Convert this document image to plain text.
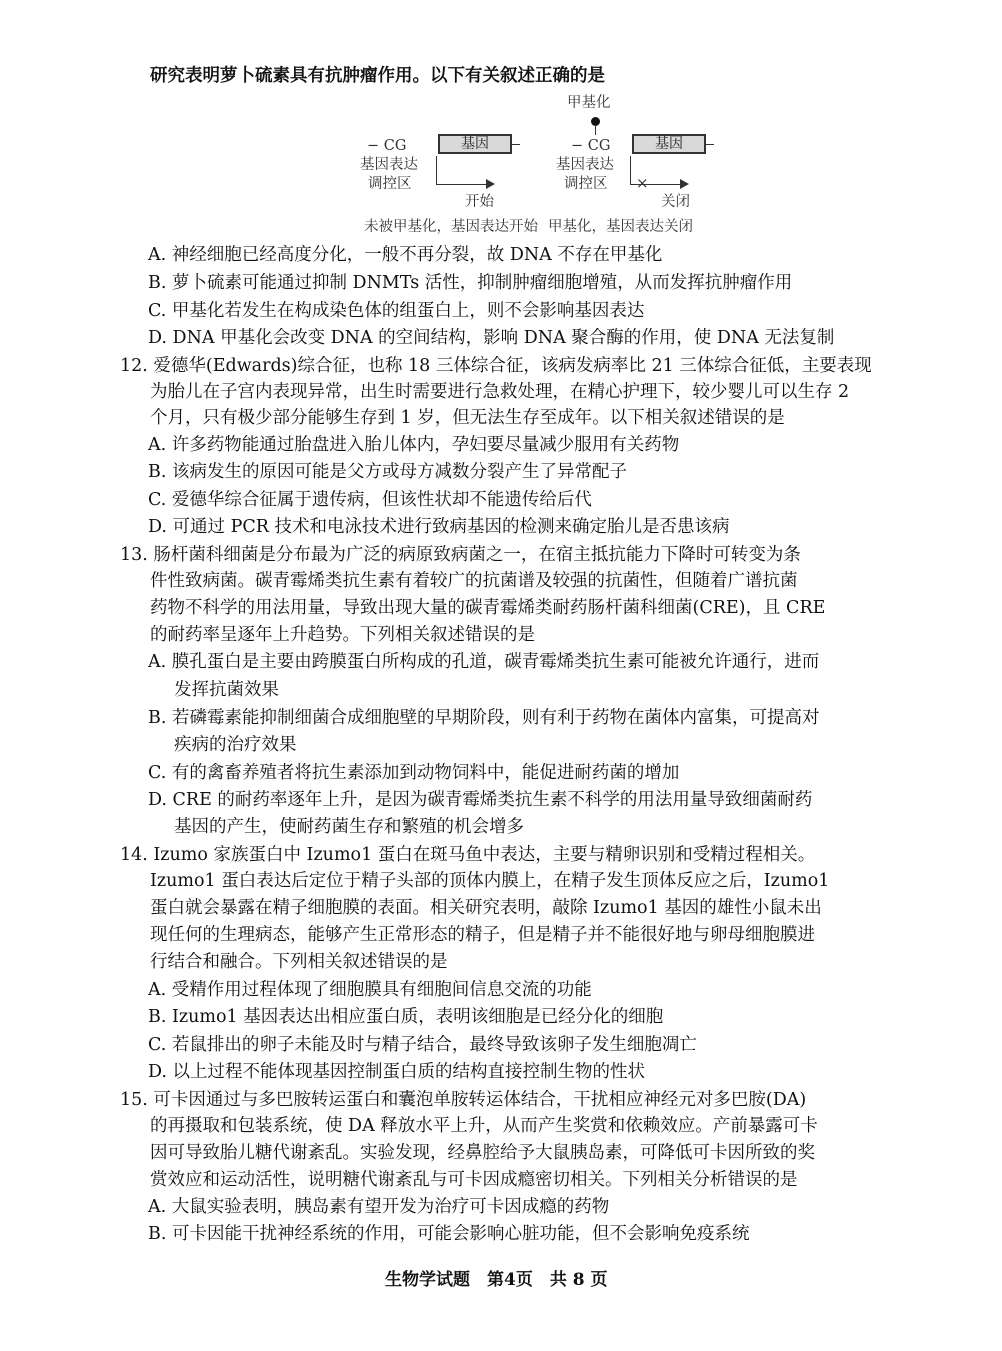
研究表明萝卜硫素具有抗肿瘤作用。以下有关叙述正确的是
− CG	基因
基因表达
调控区
开始
未被甲基化，基因表达开始
甲基化
− CG	基因
基因表达
调控区 ×
关闭
甲基化，基因表达关闭
A. 神经细胞已经高度分化，一般不再分裂，故 DNA 不存在甲基化
B. 萝卜硫素可能通过抑制 DNMTs 活性，抑制肿瘤细胞增殖，从而发挥抗肿瘤作用
C. 甲基化若发生在构成染色体的组蛋白上，则不会影响基因表达
D. DNA 甲基化会改变 DNA 的空间结构，影响 DNA 聚合酶的作用，使 DNA 无法复制
12. 爱德华(Edwards)综合征，也称 18 三体综合征，该病发病率比 21 三体综合征低，主要表现
为胎儿在子宫内表现异常，出生时需要进行急救处理，在精心护理下，较少婴儿可以生存 2
个月，只有极少部分能够生存到 1 岁，但无法生存至成年。以下相关叙述错误的是
A. 许多药物能通过胎盘进入胎儿体内，孕妇要尽量减少服用有关药物
B. 该病发生的原因可能是父方或母方减数分裂产生了异常配子
C. 爱德华综合征属于遗传病，但该性状却不能遗传给后代
D. 可通过 PCR 技术和电泳技术进行致病基因的检测来确定胎儿是否患该病
13. 肠杆菌科细菌是分布最为广泛的病原致病菌之一，在宿主抵抗能力下降时可转变为条
件性致病菌。碳青霉烯类抗生素有着较广的抗菌谱及较强的抗菌性，但随着广谱抗菌
药物不科学的用法用量，导致出现大量的碳青霉烯类耐药肠杆菌科细菌(CRE)，且 CRE
的耐药率呈逐年上升趋势。下列相关叙述错误的是
A. 膜孔蛋白是主要由跨膜蛋白所构成的孔道，碳青霉烯类抗生素可能被允许通行，进而
发挥抗菌效果
B. 若磷霉素能抑制细菌合成细胞壁的早期阶段，则有利于药物在菌体内富集，可提高对
疾病的治疗效果
C. 有的禽畜养殖者将抗生素添加到动物饲料中，能促进耐药菌的增加
D. CRE 的耐药率逐年上升，是因为碳青霉烯类抗生素不科学的用法用量导致细菌耐药
基因的产生，使耐药菌生存和繁殖的机会增多
14. Izumo 家族蛋白中 Izumo1 蛋白在斑马鱼中表达，主要与精卵识别和受精过程相关。
Izumo1 蛋白表达后定位于精子头部的顶体内膜上，在精子发生顶体反应之后，Izumo1
蛋白就会暴露在精子细胞膜的表面。相关研究表明，敲除 Izumo1 基因的雄性小鼠未出
现任何的生理病态，能够产生正常形态的精子，但是精子并不能很好地与卵母细胞膜进
行结合和融合。下列相关叙述错误的是
A. 受精作用过程体现了细胞膜具有细胞间信息交流的功能
B. Izumo1 基因表达出相应蛋白质，表明该细胞是已经分化的细胞
C. 若鼠排出的卵子未能及时与精子结合，最终导致该卵子发生细胞凋亡
D. 以上过程不能体现基因控制蛋白质的结构直接控制生物的性状
15. 可卡因通过与多巴胺转运蛋白和囊泡单胺转运体结合，干扰相应神经元对多巴胺(DA)
的再摄取和包装系统，使 DA 释放水平上升，从而产生奖赏和依赖效应。产前暴露可卡
因可导致胎儿糖代谢紊乱。实验发现，经鼻腔给予大鼠胰岛素，可降低可卡因所致的奖
赏效应和运动活性，说明糖代谢紊乱与可卡因成瘾密切相关。下列相关分析错误的是
A. 大鼠实验表明，胰岛素有望开发为治疗可卡因成瘾的药物
B. 可卡因能干扰神经系统的作用，可能会影响心脏功能，但不会影响免疫系统
生物学试题　第4页　共 8 页
